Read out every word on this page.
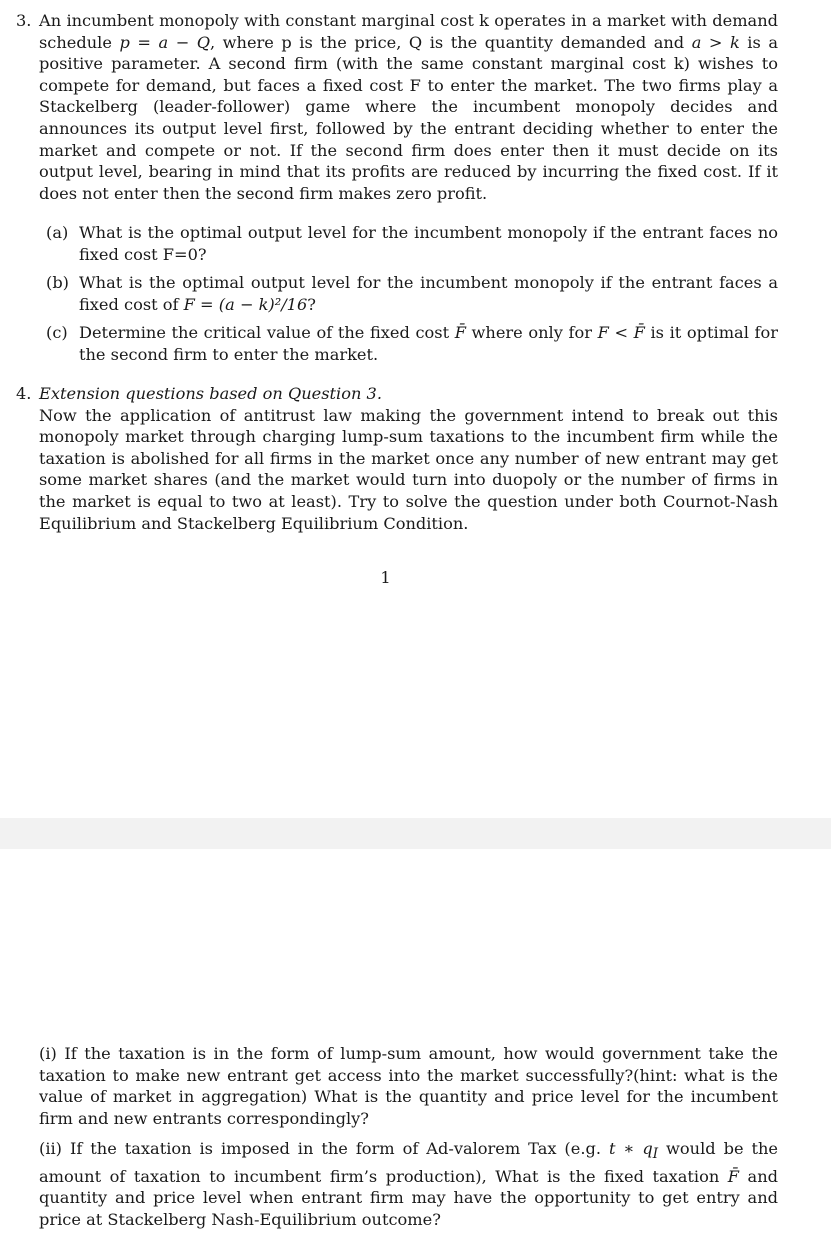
3. An incumbent monopoly with constant marginal cost k operates in a market with demand schedule p = a − Q, where p is the price, Q is the quantity demanded and a > k is a positive parameter. A second firm (with the same constant marginal cost k) wishes to compete for demand, but faces a fixed cost F to enter the market. The two firms play a Stackelberg (leader-follower) game where the incumbent monopoly decides and announces its output level first, followed by the entrant deciding whether to enter the market and compete or not. If the second firm does enter then it must decide on its output level, bearing in mind that its profits are reduced by incurring the fixed cost. If it does not enter then the second firm makes zero profit.
(a) What is the optimal output level for the incumbent monopoly if the entrant faces no fixed cost F=0?
(b) What is the optimal output level for the incumbent monopoly if the entrant faces a fixed cost of F = (a − k)²/16?
(c) Determine the critical value of the fixed cost F̄ where only for F < F̄ is it optimal for the second firm to enter the market.
4. Extension questions based on Question 3.
Now the application of antitrust law making the government intend to break out this monopoly market through charging lump-sum taxations to the incumbent firm while the taxation is abolished for all firms in the market once any number of new entrant may get some market shares (and the market would turn into duopoly or the number of firms in the market is equal to two at least). Try to solve the question under both Cournot-Nash Equilibrium and Stackelberg Equilibrium Condition.
1
(i) If the taxation is in the form of lump-sum amount, how would government take the taxation to make new entrant get access into the market successfully?(hint: what is the value of market in aggregation) What is the quantity and price level for the incumbent firm and new entrants correspondingly?
(ii) If the taxation is imposed in the form of Ad-valorem Tax (e.g. t ∗ $q_I$ would be the amount of taxation to incumbent firm’s production), What is the fixed taxation F̄ and quantity and price level when entrant firm may have the opportunity to get entry and price at Stackelberg Nash-Equilibrium outcome?
